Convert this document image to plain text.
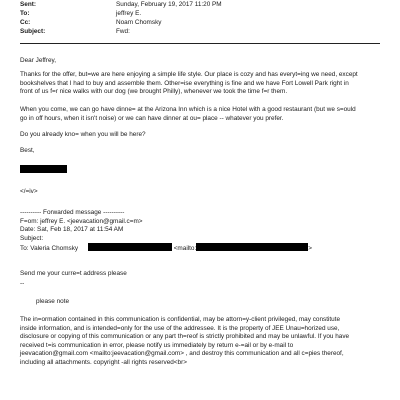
Sent:	Sunday, February 19, 2017 11:20 PM
To:	jeffrey E.
Cc:	Noam Chomsky
Subject:	Fwd:
Dear Jeffrey,

Thanks for the offer, but=we are here enjoying a simple life style. Our place is cozy and has everyt=ing we need, except

bookshelves that I had to buy and assemble them. Other=ise everything is fine and we have Fort Lowell Park right in

front of us f=r nice walks with our dog (we brought Philly), whenever we took the time f=r them.

When you come, we can go have dinne= at the Arizona Inn which is a nice Hotel with a good restaurant (but we s=ould

go in off hours, when it isn't noise) or we can have dinner at ou= place -- whatever you prefer.

Do you already kno= when you will be here?
Best,
</=iv>

---------- Forwarded message ----------

F=om: jeffrey E. <jeevacation@gmail.c=m>

Date: Sat, Feb 18, 2017 at 11:54 AM

Subject:

To: Valeria Chomsky	<mailto:	>

Send me your curre=t address please
--
please note

The in=ormation contained in this communication is confidential, may be attorn=y-client privileged, may constitute

inside information, and is intended=only for the use of the addressee. It is the property of JEE Unau=horized use,

disclosure or copying of this communication or any part th=reof is strictly prohibited and may be unlawful. If you have

received t=is communication in error, please notify us immediately by return e-=ail or by e-mail to

jeevacation@gmail.com <mailto:jeevacation@gmail.com> , and destroy this communication and all c=pies thereof,

including all attachments. copyright -all rights reserved<br>
